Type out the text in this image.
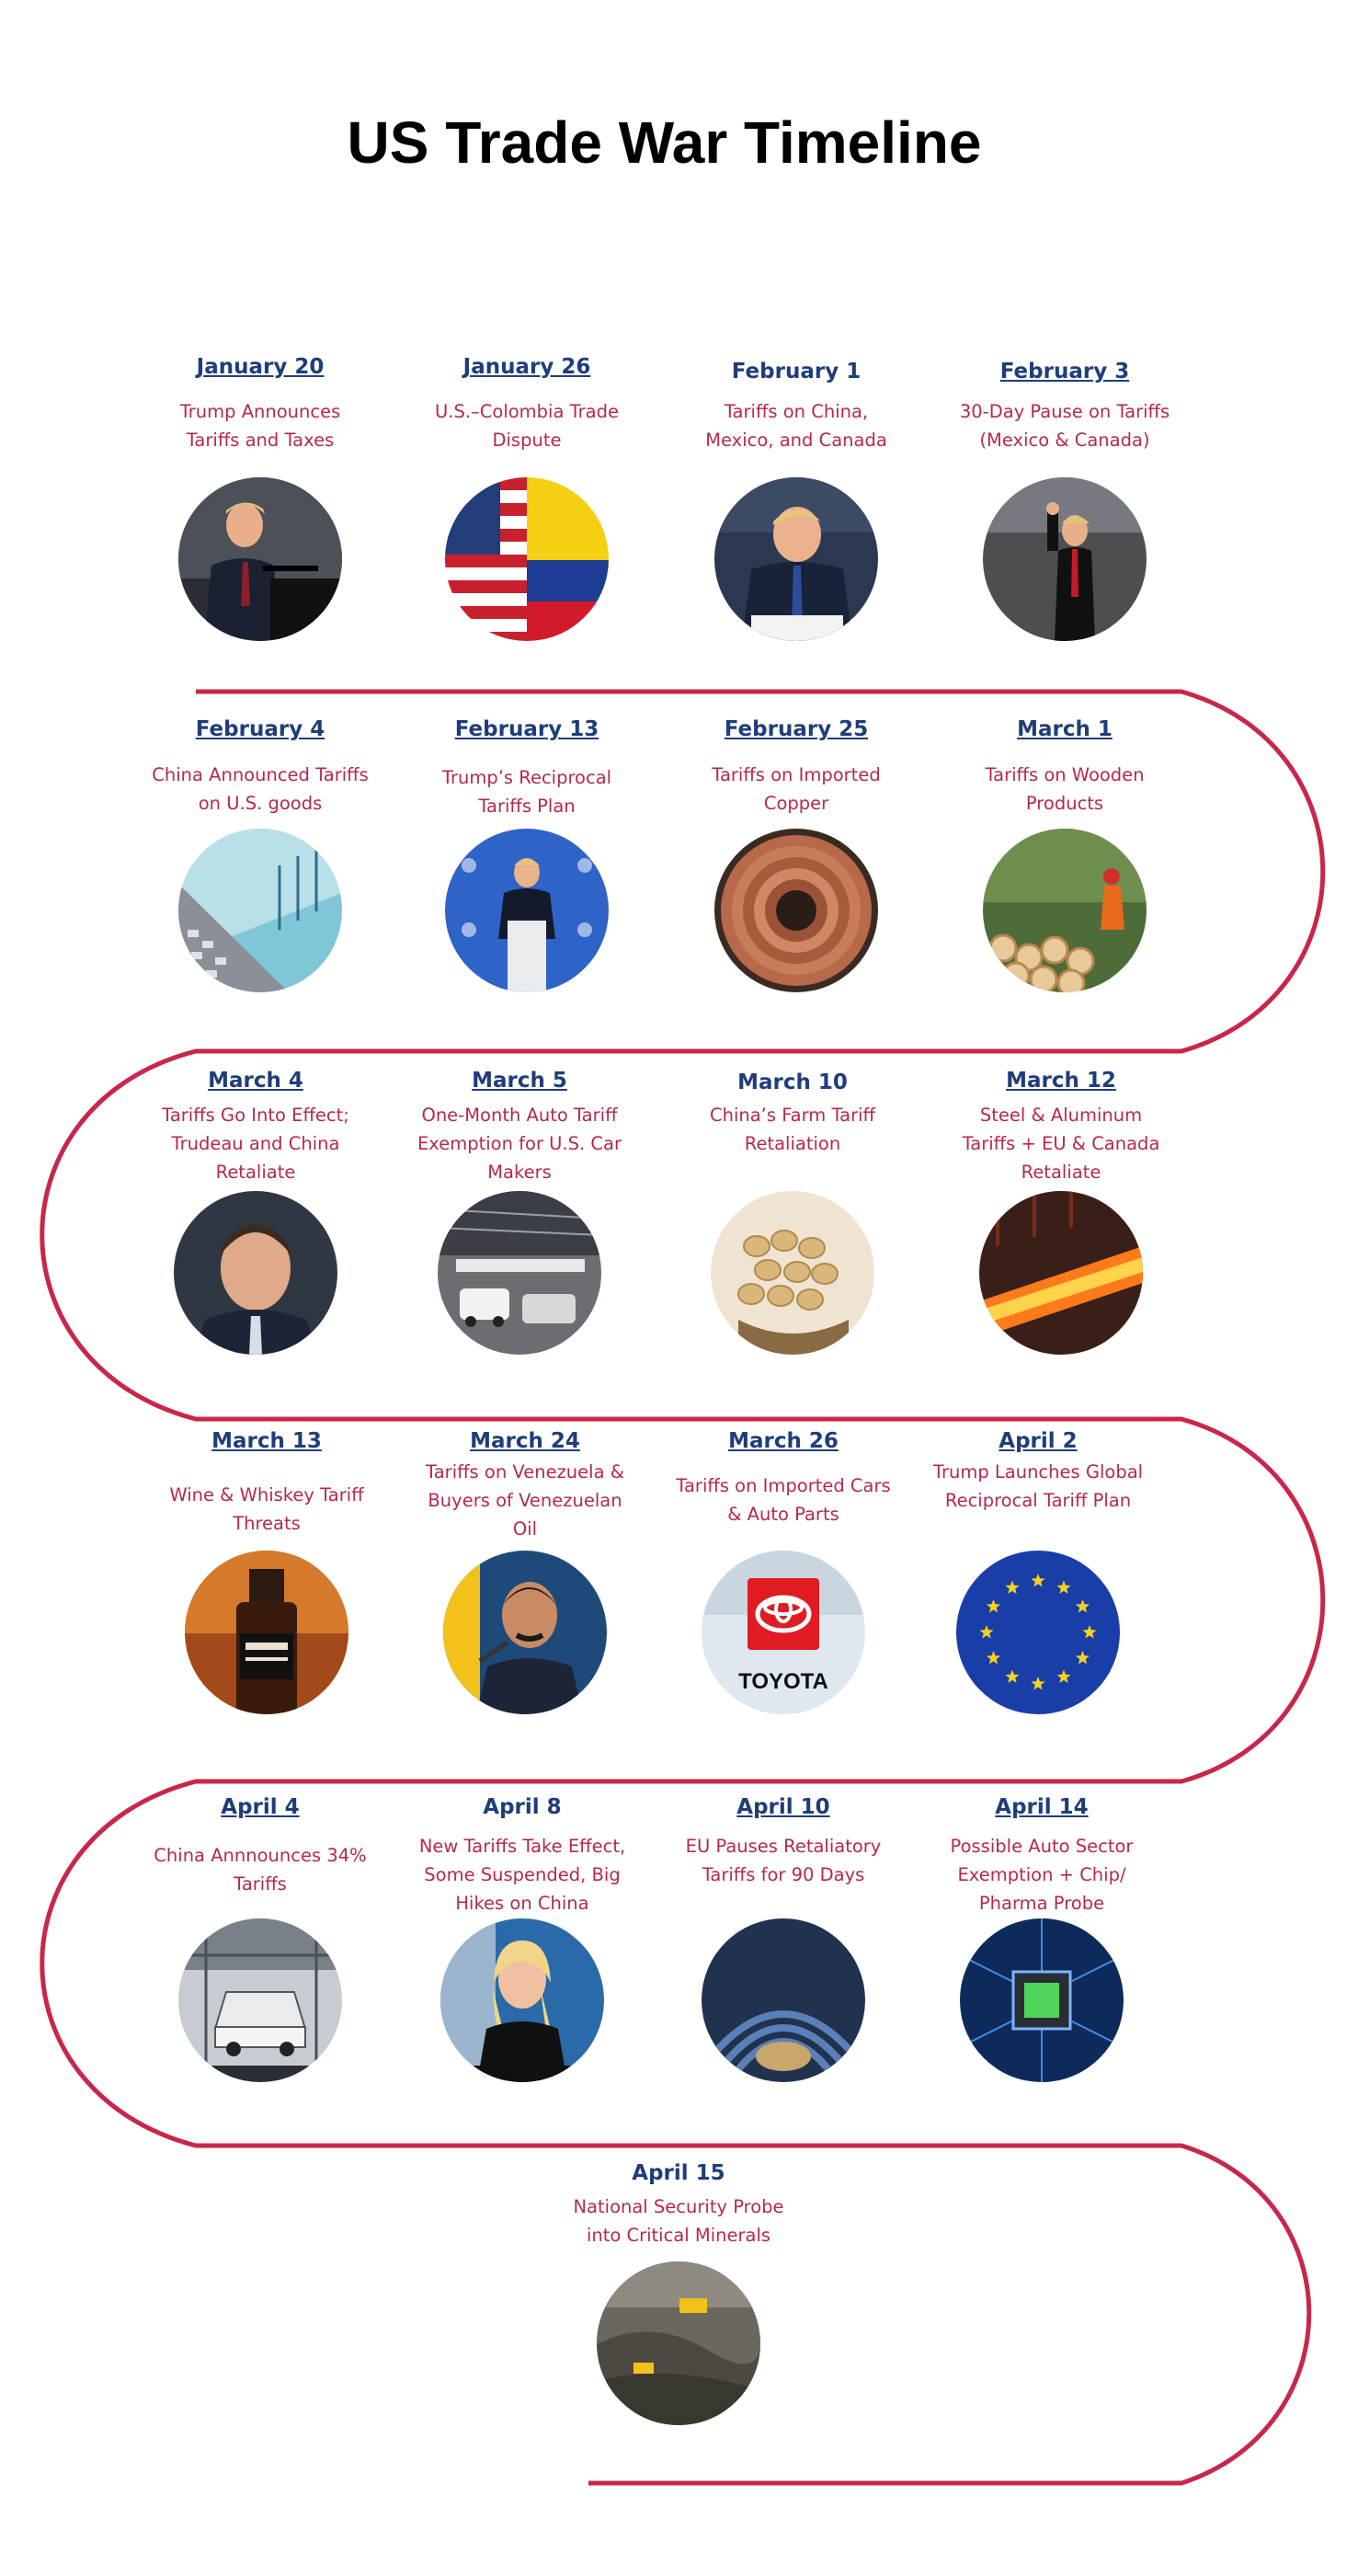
US Trade War Timeline
January 20
Trump Announces Tariffs and Taxes
January 26
U.S.–Colombia Trade Dispute
February 1
Tariffs on China, Mexico, and Canada
February 3
30-Day Pause on Tariffs (Mexico & Canada)
February 4
China Announced Tariffs on U.S. goods
February 13
Trump’s Reciprocal Tariffs Plan
February 25
Tariffs on Imported Copper
March 1
Tariffs on Wooden Products
March 4
Tariffs Go Into Effect; Trudeau and China Retaliate
March 5
One-Month Auto Tariff Exemption for U.S. Car Makers
March 10
China’s Farm Tariff Retaliation
March 12
Steel & Aluminum Tariffs + EU & Canada Retaliate
March 13
Wine & Whiskey Tariff Threats
March 24
Tariffs on Venezuela & Buyers of Venezuelan Oil
March 26
Tariffs on Imported Cars & Auto Parts
TOYOTA
April 2
Trump Launches Global Reciprocal Tariff Plan
April 4
China Annnounces 34% Tariffs
April 8
New Tariffs Take Effect, Some Suspended, Big Hikes on China
April 10
EU Pauses Retaliatory Tariffs for 90 Days
April 14
Possible Auto Sector Exemption + Chip/ Pharma Probe
April 15
National Security Probe into Critical Minerals
